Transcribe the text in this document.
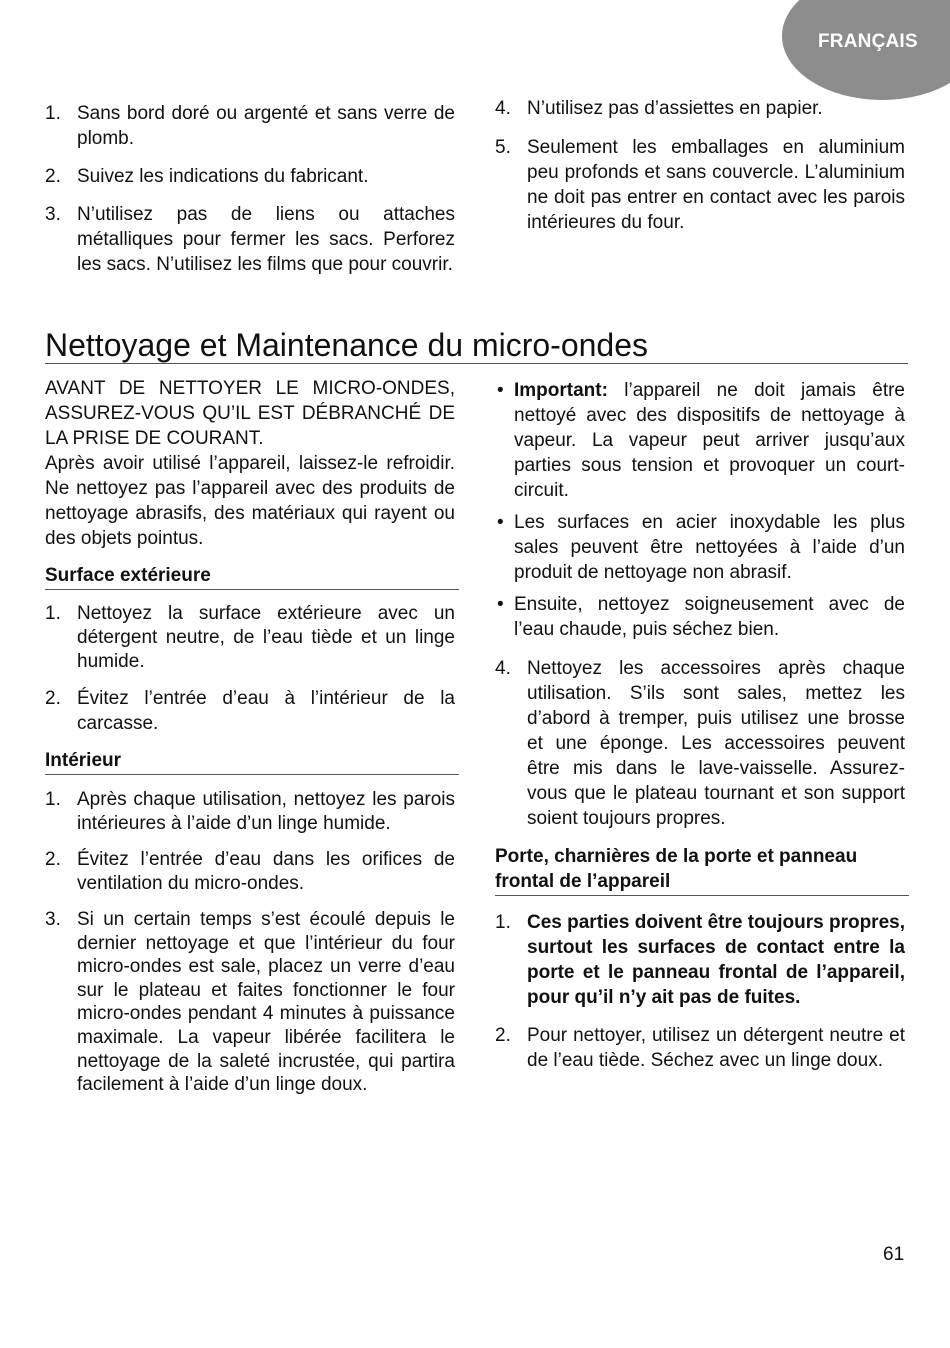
FRANÇAIS
1. Sans bord doré ou argenté et sans verre de plomb.
2. Suivez les indications du fabricant.
3. N’utilisez pas de liens ou attaches métalliques pour fermer les sacs. Perforez les sacs. N’utilisez les films que pour couvrir.
4. N’utilisez pas d’assiettes en papier.
5. Seulement les emballages en aluminium peu profonds et sans couvercle. L’aluminium ne doit pas entrer en contact avec les parois intérieures du four.
Nettoyage et Maintenance du micro-ondes

AVANT DE NETTOYER LE MICRO-ONDES, ASSUREZ-VOUS QU’IL EST DÉBRANCHÉ DE LA PRISE DE COURANT.

Après avoir utilisé l’appareil, laissez-le refroidir. Ne nettoyez pas l’appareil avec des produits de nettoyage abrasifs, des matériaux qui rayent ou des objets pointus.

Surface extérieure
1. Nettoyez la surface extérieure avec un détergent neutre, de l’eau tiède et un linge humide.
2. Évitez l’entrée d’eau à l’intérieur de la carcasse.
Intérieur
1. Après chaque utilisation, nettoyez les parois intérieures à l’aide d’un linge humide.
2. Évitez l’entrée d’eau dans les orifices de ventilation du micro-ondes.
3. Si un certain temps s’est écoulé depuis le dernier nettoyage et que l’intérieur du four micro-ondes est sale, placez un verre d’eau sur le plateau et faites fonctionner le four micro-ondes pendant 4 minutes à puissance maximale. La vapeur libérée facilitera le nettoyage de la saleté incrustée, qui partira facilement à l’aide d’un linge doux.
• Important: l’appareil ne doit jamais être nettoyé avec des dispositifs de nettoyage à vapeur. La vapeur peut arriver jusqu’aux parties sous tension et provoquer un court-circuit.
• Les surfaces en acier inoxydable les plus sales peuvent être nettoyées à l’aide d’un produit de nettoyage non abrasif.
• Ensuite, nettoyez soigneusement avec de l’eau chaude, puis séchez bien.
4. Nettoyez les accessoires après chaque utilisation. S’ils sont sales, mettez les d’abord à tremper, puis utilisez une brosse et une éponge. Les accessoires peuvent être mis dans le lave-vaisselle. Assurez-vous que le plateau tournant et son support soient toujours propres.
Porte, charnières de la porte et panneau frontal de l’appareil
1. Ces parties doivent être toujours propres, surtout les surfaces de contact entre la porte et le panneau frontal de l’appareil, pour qu’il n’y ait pas de fuites.
2. Pour nettoyer, utilisez un détergent neutre et de l’eau tiède. Séchez avec un linge doux.
61
